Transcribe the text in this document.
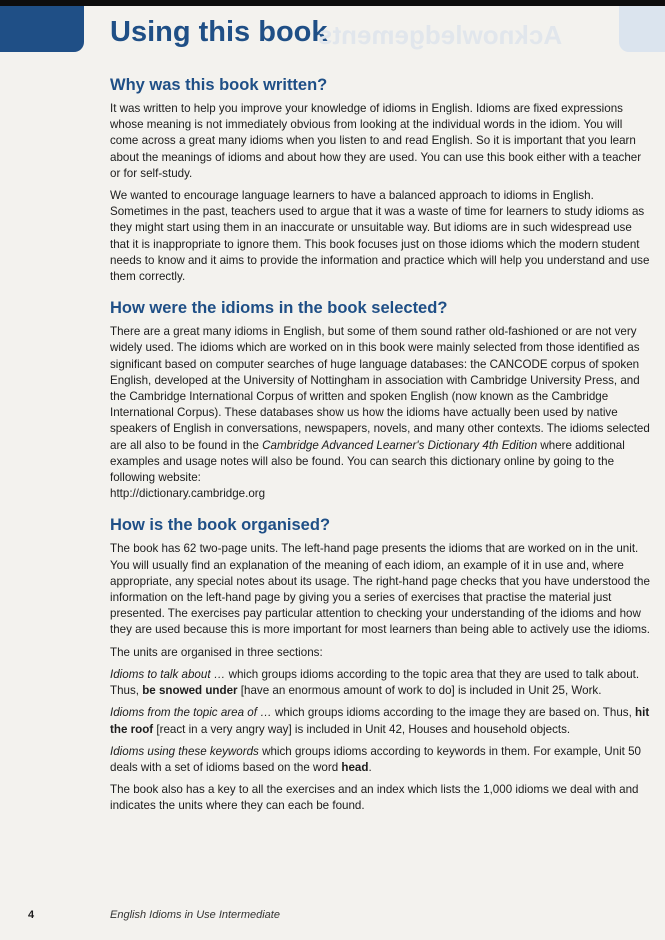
Using this book
Acknowledgements
Why was this book written?

It was written to help you improve your knowledge of idioms in English. Idioms are fixed expressions whose meaning is not immediately obvious from looking at the individual words in the idiom. You will come across a great many idioms when you listen to and read English. So it is important that you learn about the meanings of idioms and about how they are used. You can use this book either with a teacher or for self-study.

We wanted to encourage language learners to have a balanced approach to idioms in English. Sometimes in the past, teachers used to argue that it was a waste of time for learners to study idioms as they might start using them in an inaccurate or unsuitable way. But idioms are in such widespread use that it is inappropriate to ignore them. This book focuses just on those idioms which the modern student needs to know and it aims to provide the information and practice which will help you understand and use them correctly.

How were the idioms in the book selected?

There are a great many idioms in English, but some of them sound rather old-fashioned or are not very widely used. The idioms which are worked on in this book were mainly selected from those identified as significant based on computer searches of huge language databases: the CANCODE corpus of spoken English, developed at the University of Nottingham in association with Cambridge University Press, and the Cambridge International Corpus of written and spoken English (now known as the Cambridge International Corpus). These databases show us how the idioms have actually been used by native speakers of English in conversations, newspapers, novels, and many other contexts. The idioms selected are all also to be found in the Cambridge Advanced Learner's Dictionary 4th Edition where additional examples and usage notes will also be found. You can search this dictionary online by going to the following website:
http://dictionary.cambridge.org

How is the book organised?

The book has 62 two-page units. The left-hand page presents the idioms that are worked on in the unit. You will usually find an explanation of the meaning of each idiom, an example of it in use and, where appropriate, any special notes about its usage. The right-hand page checks that you have understood the information on the left-hand page by giving you a series of exercises that practise the material just presented. The exercises pay particular attention to checking your understanding of the idioms and how they are used because this is more important for most learners than being able to actively use the idioms.

The units are organised in three sections:

Idioms to talk about … which groups idioms according to the topic area that they are used to talk about. Thus, be snowed under [have an enormous amount of work to do] is included in Unit 25, Work.

Idioms from the topic area of … which groups idioms according to the image they are based on. Thus, hit the roof [react in a very angry way] is included in Unit 42, Houses and household objects.

Idioms using these keywords which groups idioms according to keywords in them. For example, Unit 50 deals with a set of idioms based on the word head.

The book also has a key to all the exercises and an index which lists the 1,000 idioms we deal with and indicates the units where they can each be found.

4	English Idioms in Use Intermediate
